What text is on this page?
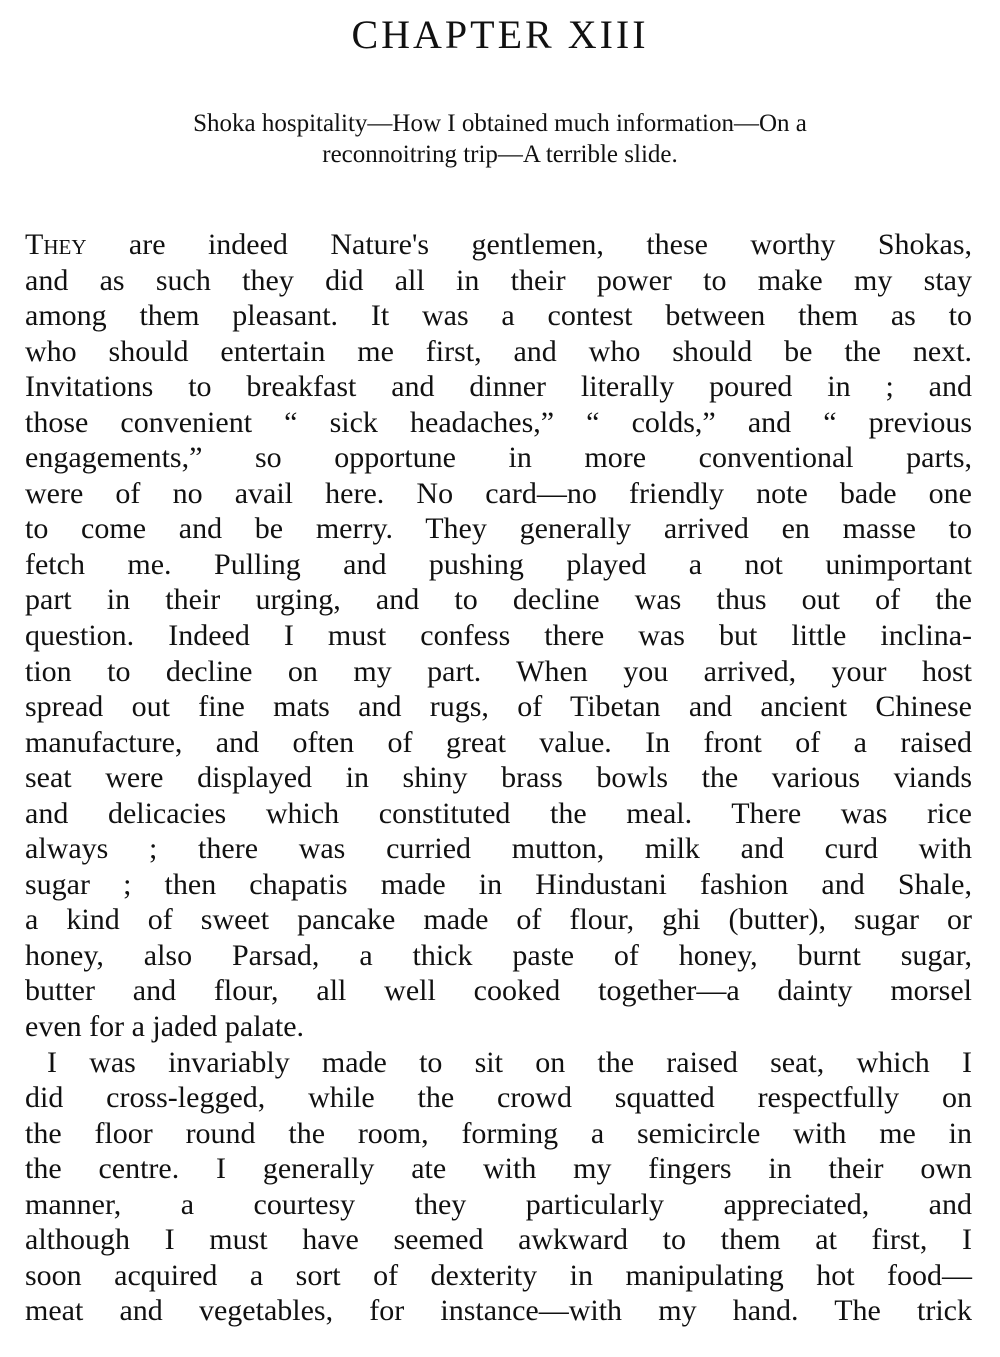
CHAPTER XIII
Shoka hospitality—How I obtained much information—On a
reconnoitring trip—A terrible slide.
They are indeed Nature's gentlemen, these worthy Shokas,
and as such they did all in their power to make my stay
among them pleasant. It was a contest between them as to
who should entertain me first, and who should be the next.
Invitations to breakfast and dinner literally poured in ; and
those convenient “ sick headaches,” “ colds,” and “ previous
engagements,” so opportune in more conventional parts,
were of no avail here. No card—no friendly note bade one
to come and be merry. They generally arrived en masse to
fetch me. Pulling and pushing played a not unimportant
part in their urging, and to decline was thus out of the
question. Indeed I must confess there was but little inclina-
tion to decline on my part. When you arrived, your host
spread out fine mats and rugs, of Tibetan and ancient Chinese
manufacture, and often of great value. In front of a raised
seat were displayed in shiny brass bowls the various viands
and delicacies which constituted the meal. There was rice
always ; there was curried mutton, milk and curd with
sugar ; then chapatis made in Hindustani fashion and Shale,
a kind of sweet pancake made of flour, ghi (butter), sugar or
honey, also Parsad, a thick paste of honey, burnt sugar,
butter and flour, all well cooked together—a dainty morsel
even for a jaded palate.
I was invariably made to sit on the raised seat, which I
did cross-legged, while the crowd squatted respectfully on
the floor round the room, forming a semicircle with me in
the centre. I generally ate with my fingers in their own
manner, a courtesy they particularly appreciated, and
although I must have seemed awkward to them at first, I
soon acquired a sort of dexterity in manipulating hot food—
meat and vegetables, for instance—with my hand. The trick
